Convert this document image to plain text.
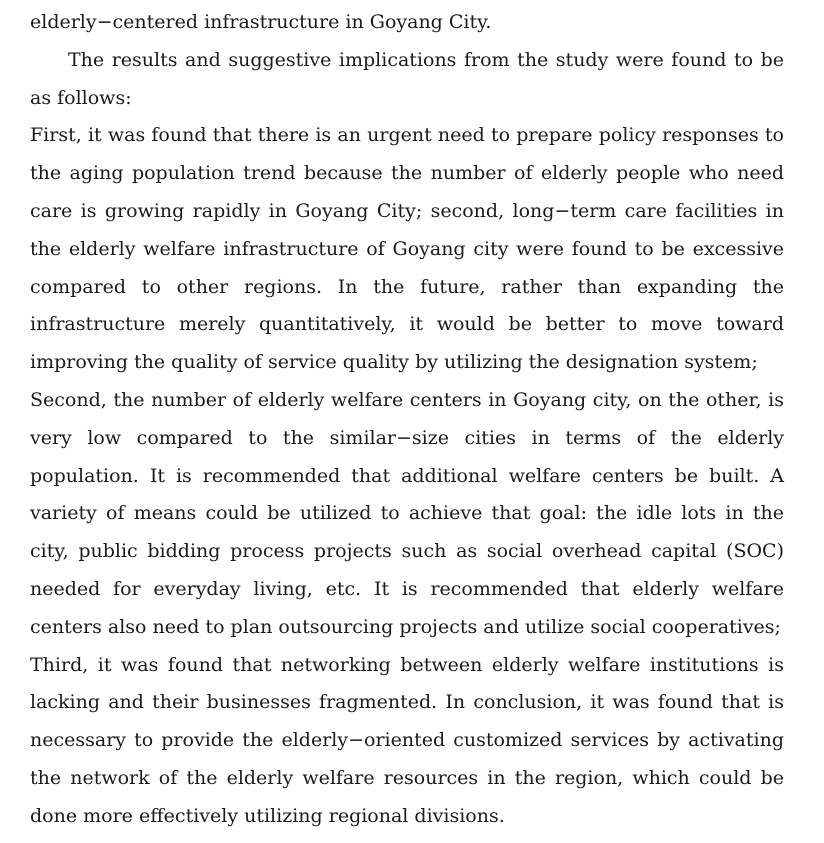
elderly−centered infrastructure in Goyang City.

The results and suggestive implications from the study were found to be as follows:

First, it was found that there is an urgent need to prepare policy responses to the aging population trend because the number of elderly people who need care is growing rapidly in Goyang City; second, long−term care facilities in the elderly welfare infrastructure of Goyang city were found to be excessive compared to other regions. In the future, rather than expanding the infrastructure merely quantitatively, it would be better to move toward improving the quality of service quality by utilizing the designation system;

Second, the number of elderly welfare centers in Goyang city, on the other, is very low compared to the similar−size cities in terms of the elderly population. It is recommended that additional welfare centers be built. A variety of means could be utilized to achieve that goal: the idle lots in the city, public bidding process projects such as social overhead capital (SOC) needed for everyday living, etc. It is recommended that elderly welfare centers also need to plan outsourcing projects and utilize social cooperatives;

Third, it was found that networking between elderly welfare institutions is lacking and their businesses fragmented. In conclusion, it was found that is necessary to provide the elderly−oriented customized services by activating the network of the elderly welfare resources in the region, which could be done more effectively utilizing regional divisions.
